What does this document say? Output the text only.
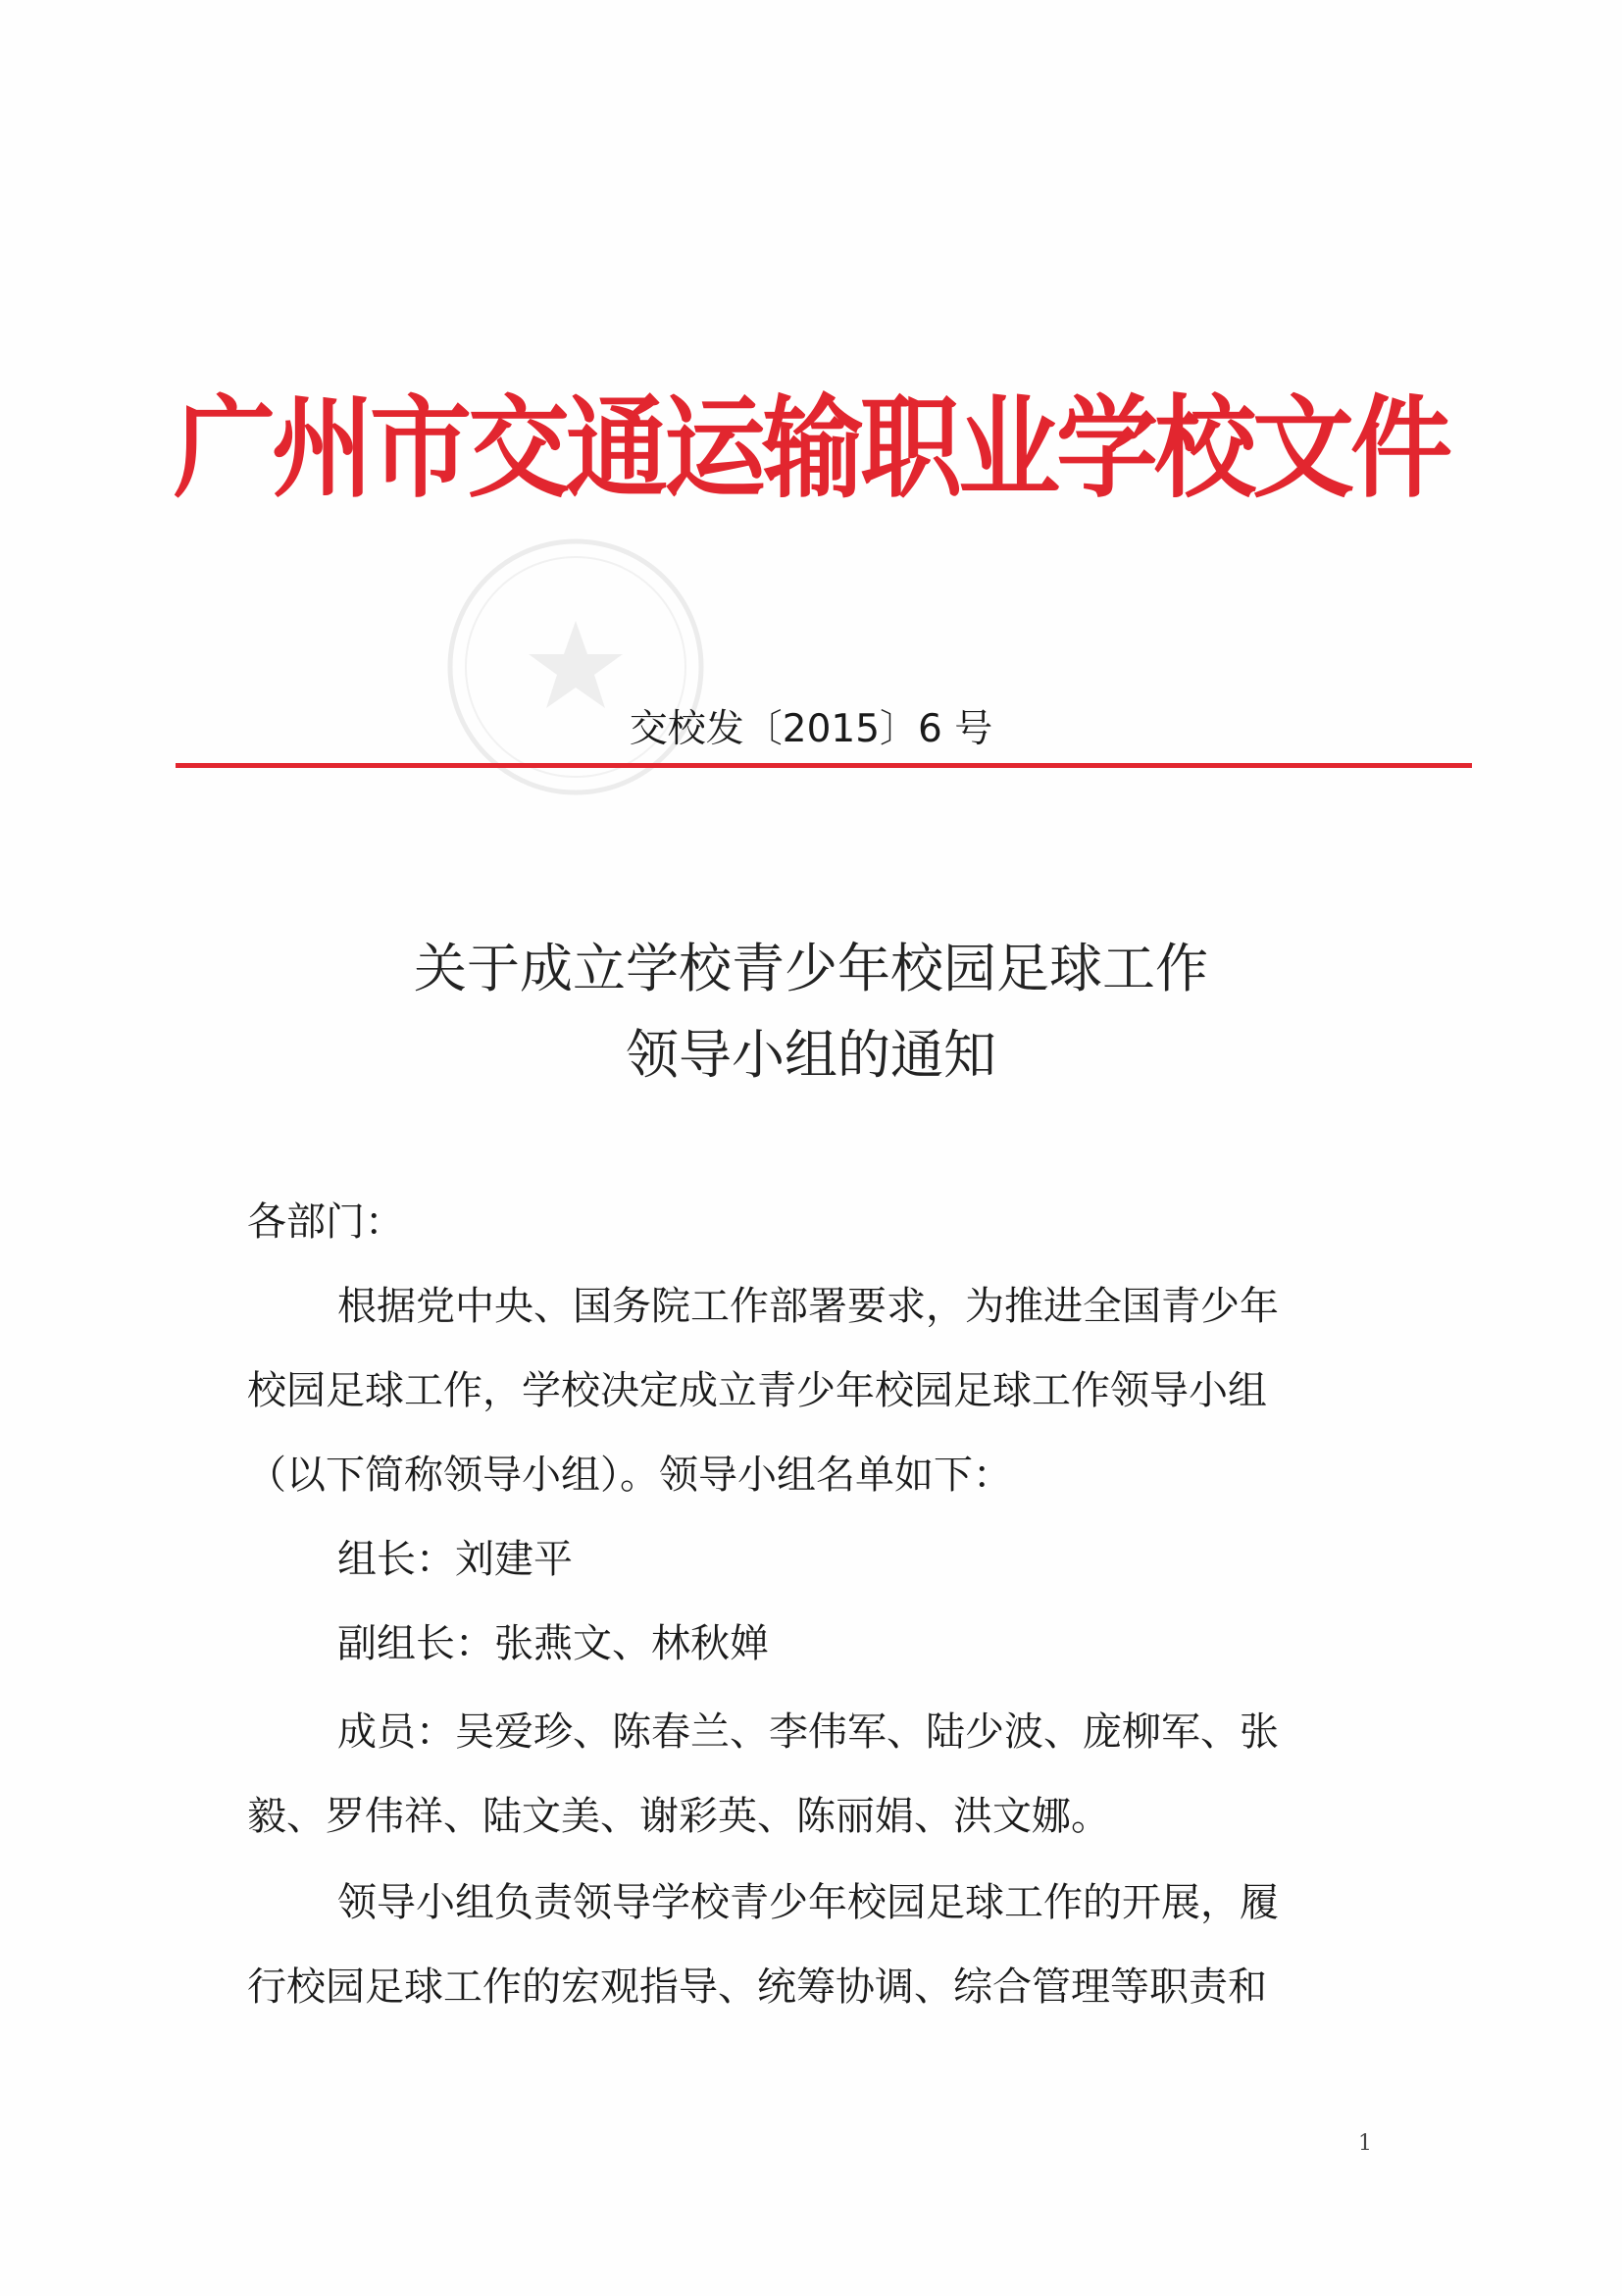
广州市交通运输职业学校文件
交校发〔2015〕6 号
关于成立学校青少年校园足球工作
领导小组的通知
各部门：
根据党中央、国务院工作部署要求，为推进全国青少年
校园足球工作，学校决定成立青少年校园足球工作领导小组
（以下简称领导小组）。领导小组名单如下：
组长：刘建平
副组长：张燕文、林秋婵
成员：吴爱珍、陈春兰、李伟军、陆少波、庞柳军、张
毅、罗伟祥、陆文美、谢彩英、陈丽娟、洪文娜。
领导小组负责领导学校青少年校园足球工作的开展，履
行校园足球工作的宏观指导、统筹协调、综合管理等职责和
1
